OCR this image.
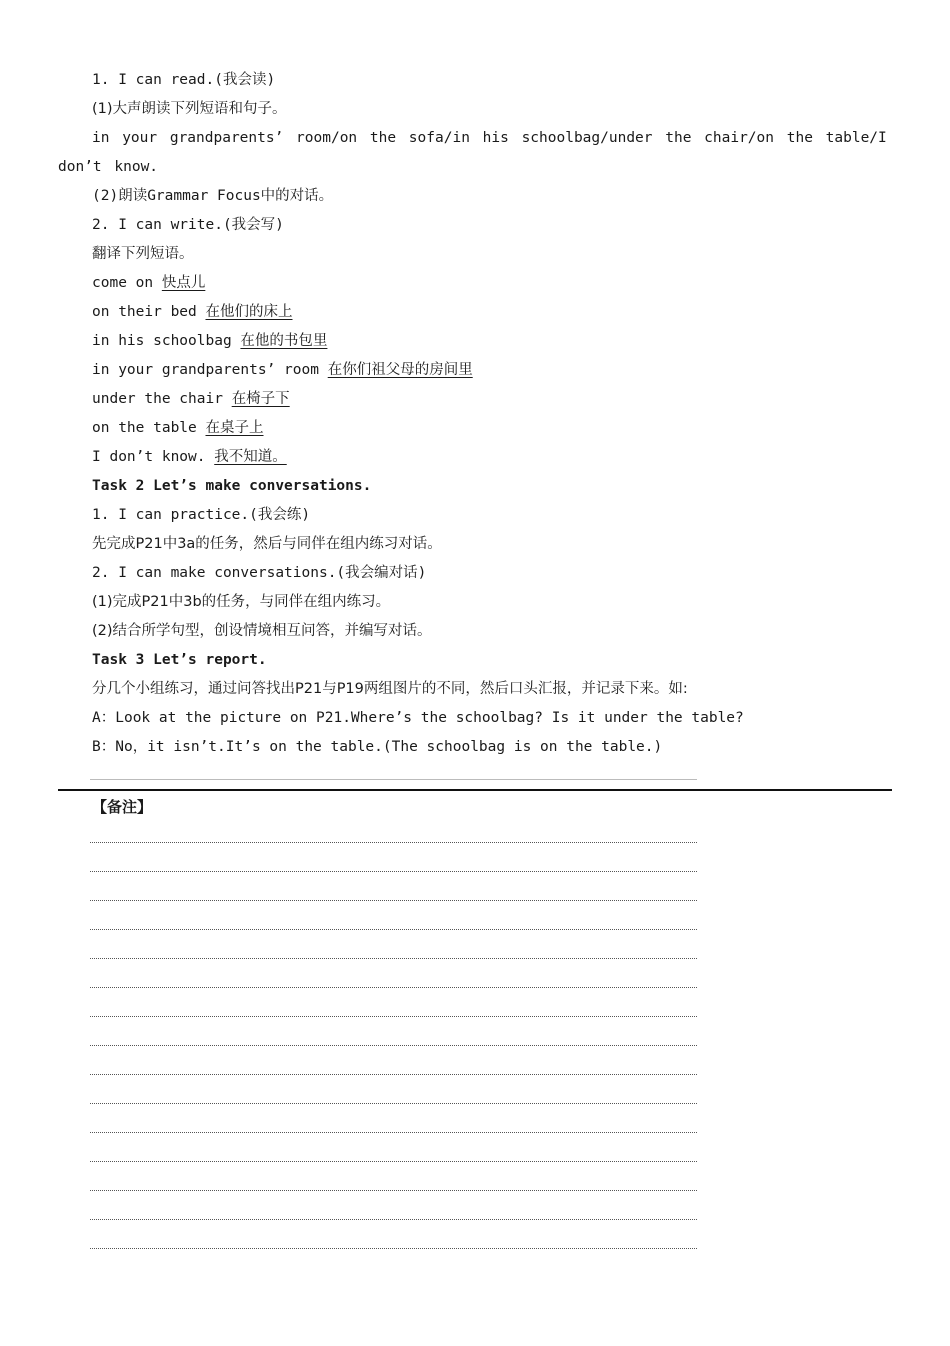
1. I can read.(我会读)
(1)大声朗读下列短语和句子。
in your grandparents’ room/on the sofa/in his schoolbag/under the chair/on the table/I don’t know.
(2)朗读Grammar Focus中的对话。
2. I can write.(我会写)
翻译下列短语。
come on 快点儿
on their bed 在他们的床上
in his schoolbag 在他的书包里
in your grandparents’ room 在你们祖父母的房间里
under the chair 在椅子下
on the table 在桌子上
I don’t know. 我不知道。
Task 2 Let’s make conversations.
1. I can practice.(我会练)
先完成P21中3a的任务，然后与同伴在组内练习对话。
2. I can make conversations.(我会编对话)
(1)完成P21中3b的任务，与同伴在组内练习。
(2)结合所学句型，创设情境相互问答，并编写对话。
Task 3 Let’s report.
分几个小组练习，通过问答找出P21与P19两组图片的不同，然后口头汇报，并记录下来。如:
A：Look at the picture on P21.Where’s the schoolbag? Is it under the table?
B：No，it isn’t.It’s on the table.(The schoolbag is on the table.)
【备注】
